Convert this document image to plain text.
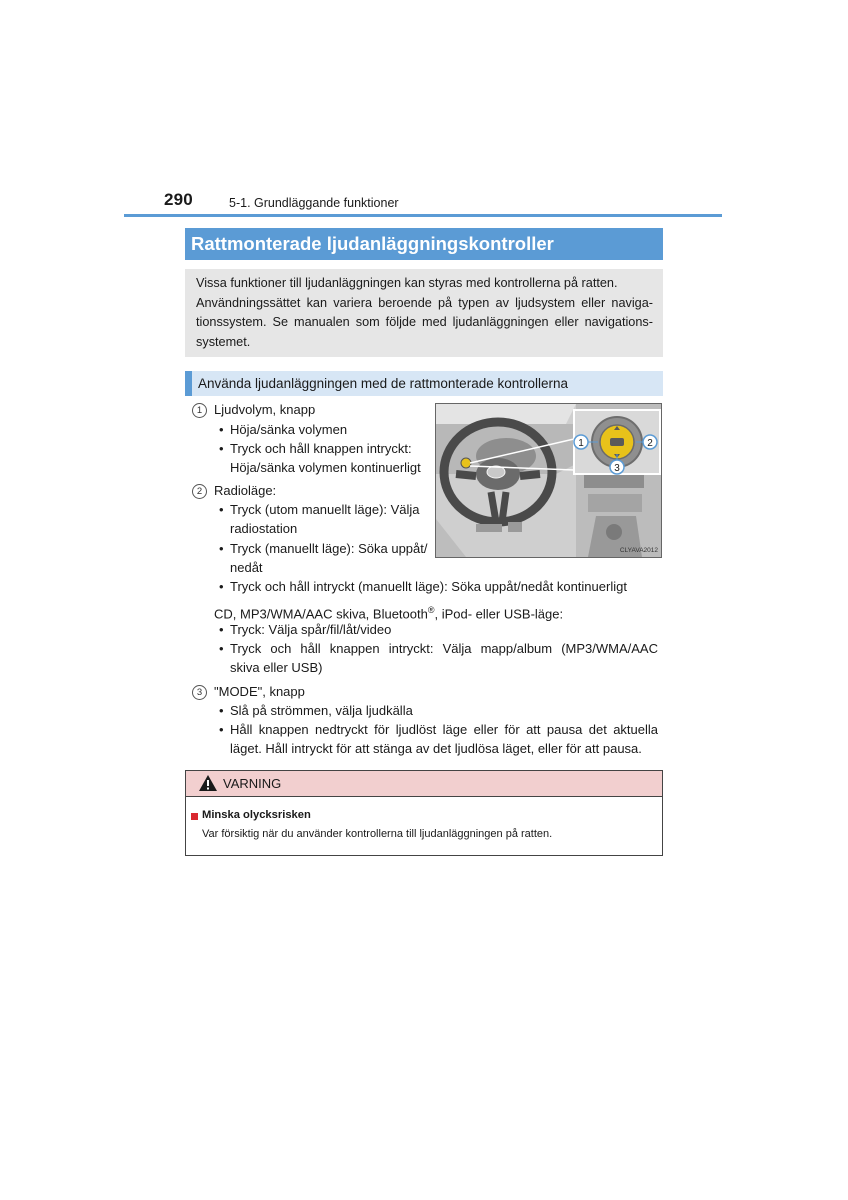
290	5-1. Grundläggande funktioner
Rattmonterade ljudanläggningskontroller
Vissa funktioner till ljudanläggningen kan styras med kontrollerna på ratten.
Användningssättet kan variera beroende på typen av ljudsystem eller naviga-
tionssystem. Se manualen som följde med ljudanläggningen eller navigations-
systemet.
Använda ljudanläggningen med de rattmonterade kontrollerna
1	2
3
CLYAVA2012
1 Ljudvolym, knapp
• Höja/sänka volymen
• Tryck och håll knappen intryckt:
Höja/sänka volymen kontinuerligt
2 Radioläge:
• Tryck (utom manuellt läge): Välja
radiostation
• Tryck (manuellt läge): Söka uppåt/
nedåt
• Tryck och håll intryckt (manuellt läge): Söka uppåt/nedåt kontinuerligt
CD, MP3/WMA/AAC skiva, Bluetooth®, iPod- eller USB-läge:
• Tryck: Välja spår/fil/låt/video
• Tryck och håll knappen intryckt: Välja mapp/album (MP3/WMA/AAC
skiva eller USB)
3 "MODE", knapp
• Slå på strömmen, välja ljudkälla
• Håll knappen nedtryckt för ljudlöst läge eller för att pausa det aktuella
läget. Håll intryckt för att stänga av det ljudlösa läget, eller för att pausa.
VARNING
Minska olycksrisken
Var försiktig när du använder kontrollerna till ljudanläggningen på ratten.
